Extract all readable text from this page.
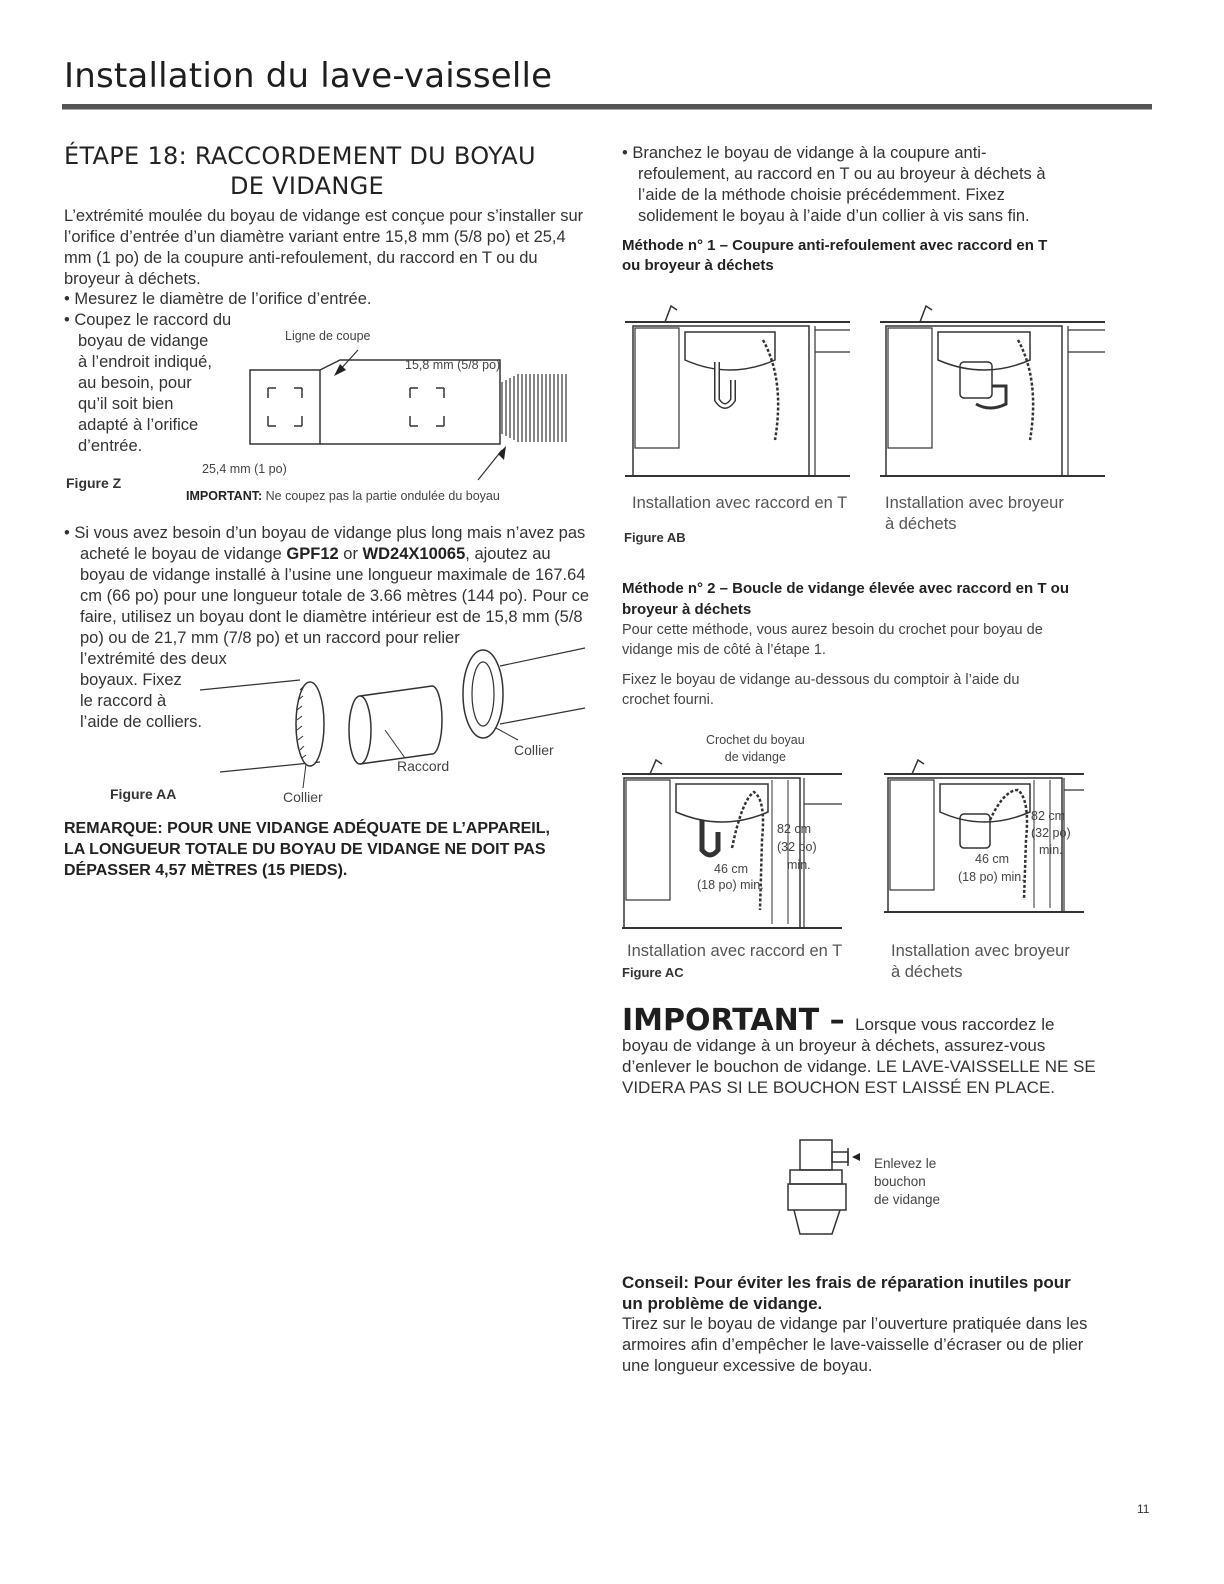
Installation du lave-vaisselle
ÉTAPE 18: RACCORDEMENT DU BOYAU
DE VIDANGE
L’extrémité moulée du boyau de vidange est conçue pour s’installer sur l’orifice d’entrée d’un diamètre variant entre 15,8 mm (5/8 po) et 25,4 mm (1 po) de la coupure anti-refoulement, du raccord en T ou du broyeur à déchets.
• Mesurez le diamètre de l’orifice d’entrée.
• Coupez le raccord du
boyau de vidange
à l’endroit indiqué,
au besoin, pour
qu’il soit bien
adapté à l’orifice
d’entrée.
Ligne de coupe
15,8 mm (5/8 po)
25,4 mm (1 po)
Figure Z
IMPORTANT: Ne coupez pas la partie ondulée du boyau
• Si vous avez besoin d’un boyau de vidange plus long mais n’avez pas acheté le boyau de vidange GPF12 or WD24X10065, ajoutez au boyau de vidange installé à l’usine une longueur maximale de 167.64 cm (66 po) pour une longueur totale de 3.66 mètres (144 po). Pour ce faire, utilisez un boyau dont le diamètre intérieur est de 15,8 mm (5/8 po) ou de 21,7 mm (7/8 po) et un raccord pour relier
l’extrémité des deux
boyaux. Fixez
le raccord à
l’aide de colliers.
Raccord
Collier
Figure AA	Collier
REMARQUE: POUR UNE VIDANGE ADÉQUATE DE L’APPAREIL,
LA LONGUEUR TOTALE DU BOYAU DE VIDANGE NE DOIT PAS
DÉPASSER 4,57 MÈTRES (15 PIEDS).
• Branchez le boyau de vidange à la coupure anti-refoulement, au raccord en T ou au broyeur à déchets à l’aide de la méthode choisie précédemment. Fixez solidement le boyau à l’aide d’un collier à vis sans fin.
Méthode n° 1 – Coupure anti-refoulement avec raccord en T ou broyeur à déchets
Installation avec raccord en T Installation avec broyeur
à déchets
Figure AB
Méthode n° 2 – Boucle de vidange élevée avec raccord en T ou broyeur à déchets
Pour cette méthode, vous aurez besoin du crochet pour boyau de vidange mis de côté à l’étape 1.
Fixez le boyau de vidange au-dessous du comptoir à l’aide du crochet fourni.
Crochet du boyau
de vidange
82 cm
(32 po)
min.
46 cm
(18 po) min.
82 cm
(32 po)
min.
46 cm
(18 po) min.
Installation avec raccord en T	Installation avec broyeur
à déchets
Figure AC
IMPORTANT – Lorsque vous raccordez le boyau de vidange à un broyeur à déchets, assurez-vous d’enlever le bouchon de vidange. LE LAVE-VAISSELLE NE SE VIDERA PAS SI LE BOUCHON EST LAISSÉ EN PLACE.
Enlevez le
bouchon
de vidange
Conseil: Pour éviter les frais de réparation inutiles pour un problème de vidange.
Tirez sur le boyau de vidange par l’ouverture pratiquée dans les armoires afin d’empêcher le lave-vaisselle d’écraser ou de plier une longueur excessive de boyau.
11
